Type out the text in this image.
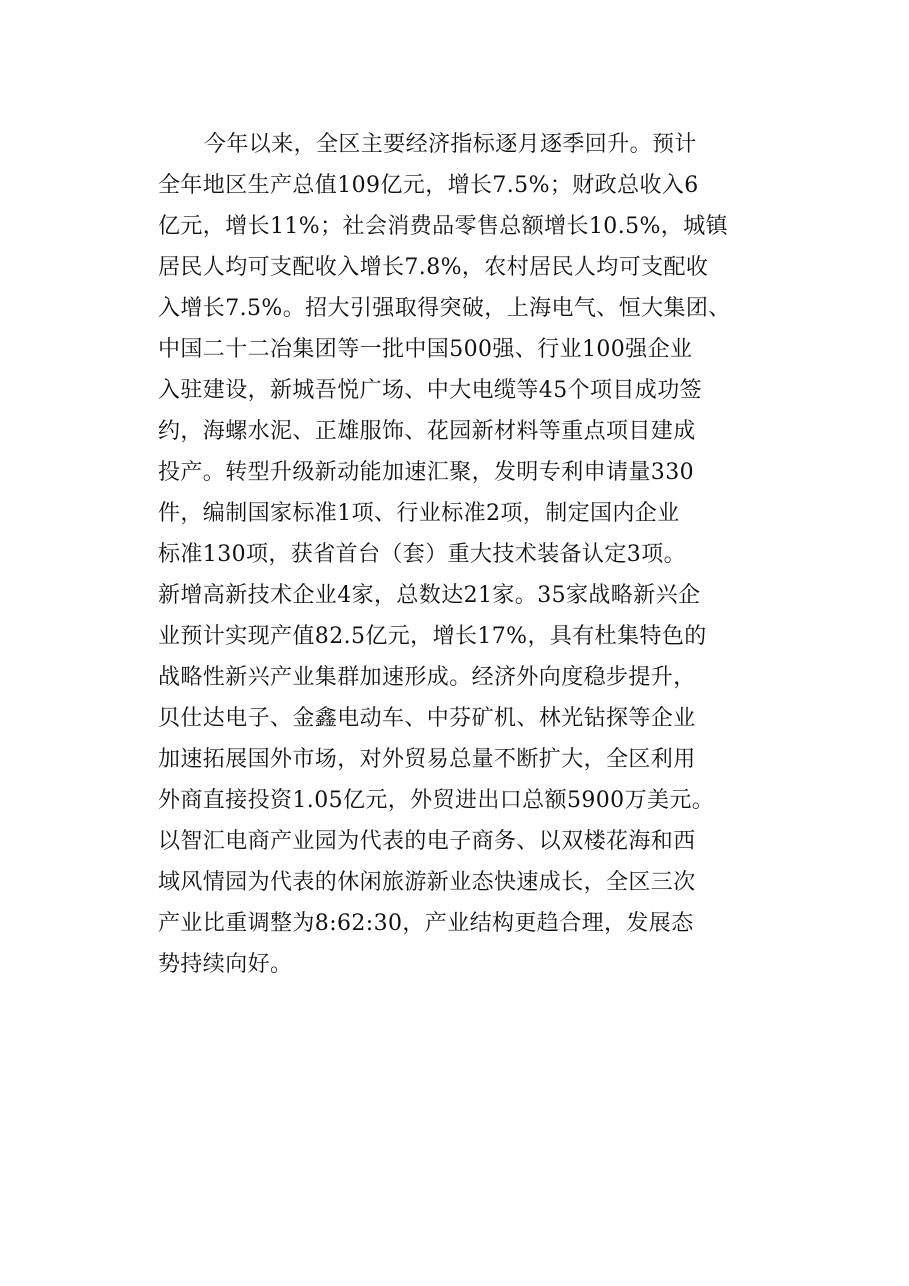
今年以来，全区主要经济指标逐月逐季回升。预计
全年地区生产总值109亿元，增长7.5%；财政总收入6
亿元，增长11%；社会消费品零售总额增长10.5%，城镇
居民人均可支配收入增长7.8%，农村居民人均可支配收
入增长7.5%。招大引强取得突破，上海电气、恒大集团、
中国二十二冶集团等一批中国500强、行业100强企业
入驻建设，新城吾悦广场、中大电缆等45个项目成功签
约，海螺水泥、正雄服饰、花园新材料等重点项目建成
投产。转型升级新动能加速汇聚，发明专利申请量330
件，编制国家标准1项、行业标准2项，制定国内企业
标准130项，获省首台（套）重大技术装备认定3项。
新增高新技术企业4家，总数达21家。35家战略新兴企
业预计实现产值82.5亿元，增长17%，具有杜集特色的
战略性新兴产业集群加速形成。经济外向度稳步提升，
贝仕达电子、金鑫电动车、中芬矿机、林光钻探等企业
加速拓展国外市场，对外贸易总量不断扩大，全区利用
外商直接投资1.05亿元，外贸进出口总额5900万美元。
以智汇电商产业园为代表的电子商务、以双楼花海和西
域风情园为代表的休闲旅游新业态快速成长，全区三次
产业比重调整为8:62:30，产业结构更趋合理，发展态
势持续向好。
